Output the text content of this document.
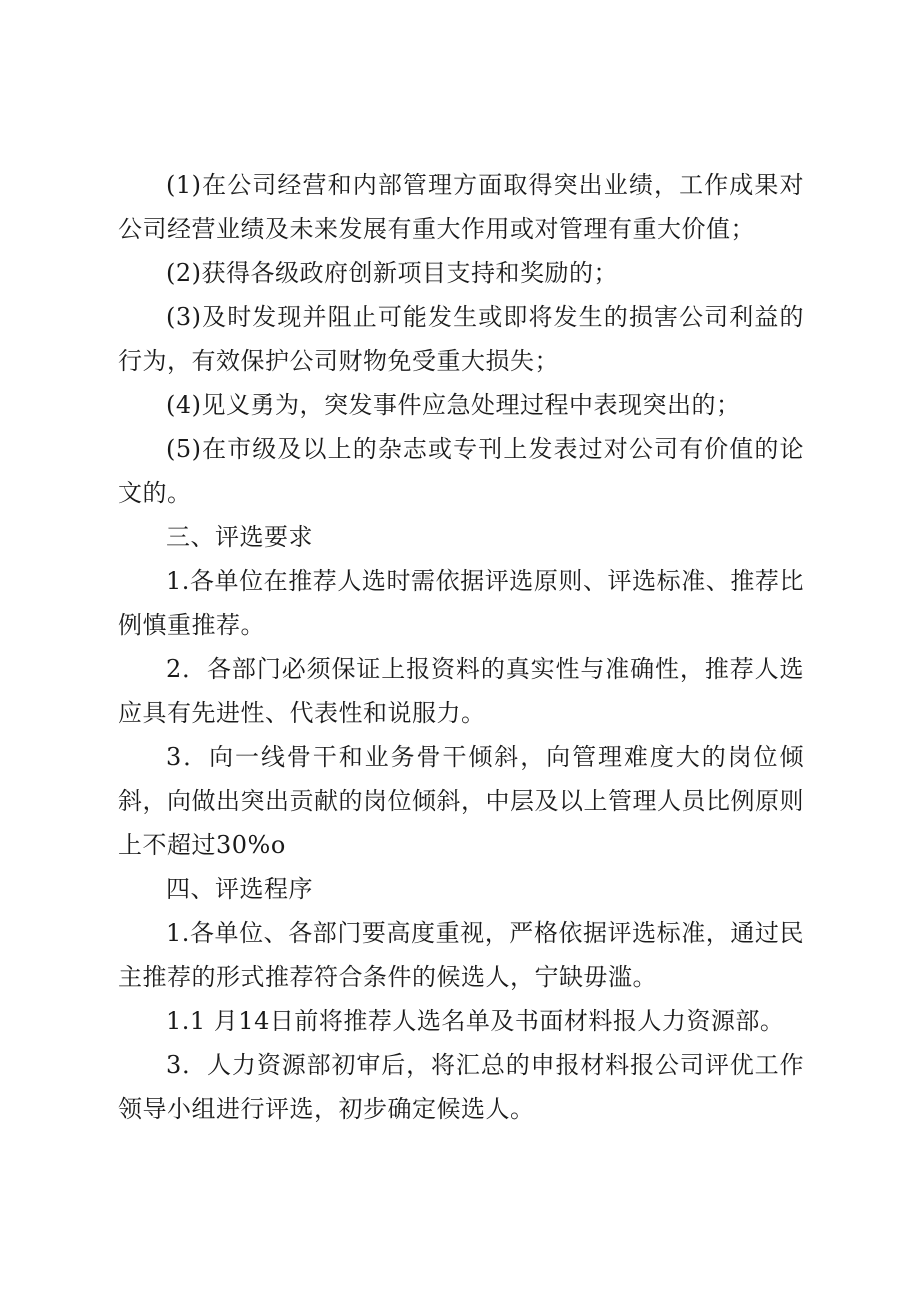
(1)在公司经营和内部管理方面取得突出业绩，工作成果对公司经营业绩及未来发展有重大作用或对管理有重大价值；

(2)获得各级政府创新项目支持和奖励的；

(3)及时发现并阻止可能发生或即将发生的损害公司利益的行为，有效保护公司财物免受重大损失；

(4)见义勇为，突发事件应急处理过程中表现突出的；

(5)在市级及以上的杂志或专刊上发表过对公司有价值的论文的。

三、评选要求

1.各单位在推荐人选时需依据评选原则、评选标准、推荐比例慎重推荐。

2．各部门必须保证上报资料的真实性与准确性，推荐人选应具有先进性、代表性和说服力。

3．向一线骨干和业务骨干倾斜，向管理难度大的岗位倾斜，向做出突出贡献的岗位倾斜，中层及以上管理人员比例原则上不超过30%o

四、评选程序

1.各单位、各部门要高度重视，严格依据评选标准，通过民主推荐的形式推荐符合条件的候选人，宁缺毋滥。

1.1 月14日前将推荐人选名单及书面材料报人力资源部。

3．人力资源部初审后，将汇总的申报材料报公司评优工作领导小组进行评选，初步确定候选人。
